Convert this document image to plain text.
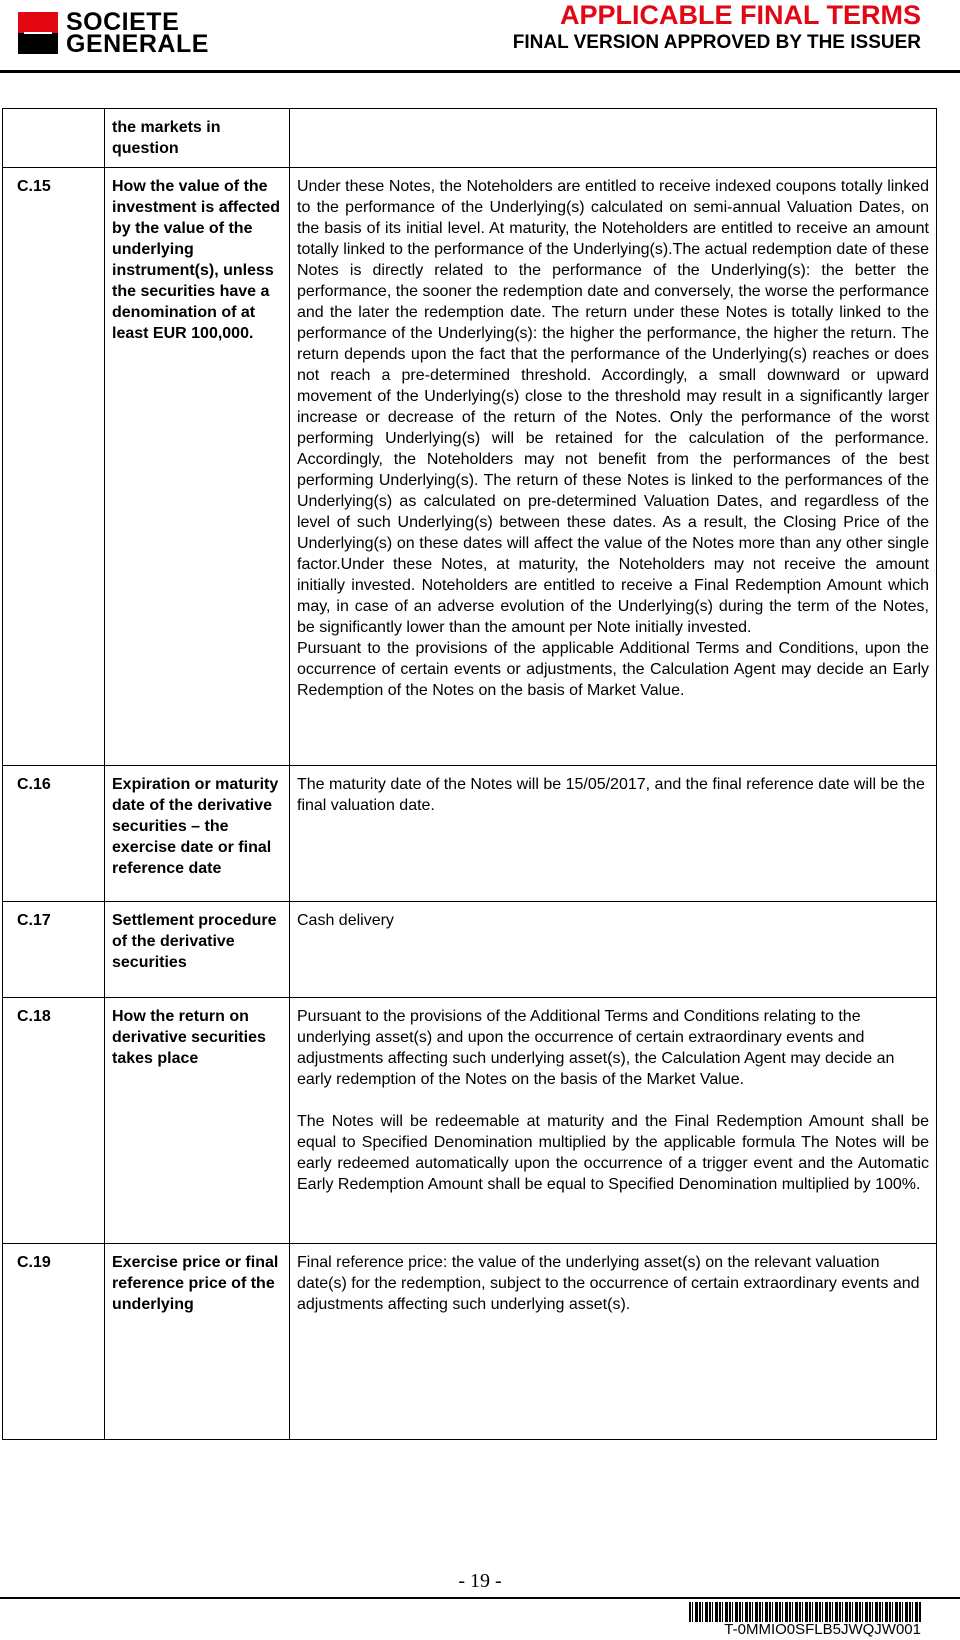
SOCIETE
GENERALE
APPLICABLE FINAL TERMS
FINAL VERSION APPROVED BY THE ISSUER
	the markets in question	

C.15	How the value of the investment is affected by the value of the underlying instrument(s), unless the securities have a denomination of at least EUR 100,000.	Under these Notes, the Noteholders are entitled to receive indexed coupons totally linked to the performance of the Underlying(s) calculated on semi-annual Valuation Dates, on the basis of its initial level. At maturity, the Noteholders are entitled to receive an amount totally linked to the performance of the Underlying(s).The actual redemption date of these Notes is directly related to the performance of the Underlying(s): the better the performance, the sooner the redemption date and conversely, the worse the performance and the later the redemption date. The return under these Notes is totally linked to the performance of the Underlying(s): the higher the performance, the higher the return. The return depends upon the fact that the performance of the Underlying(s) reaches or does not reach a pre-determined threshold. Accordingly, a small downward or upward movement of the Underlying(s) close to the threshold may result in a significantly larger increase or decrease of the return of the Notes. Only the performance of the worst performing Underlying(s) will be retained for the calculation of the performance. Accordingly, the Noteholders may not benefit from the performances of the best performing Underlying(s). The return of these Notes is linked to the performances of the Underlying(s) as calculated on pre-determined Valuation Dates, and regardless of the level of such Underlying(s) between these dates. As a result, the Closing Price of the Underlying(s) on these dates will affect the value of the Notes more than any other single factor.Under these Notes, at maturity, the Noteholders may not receive the amount initially invested. Noteholders are entitled to receive a Final Redemption Amount which may, in case of an adverse evolution of the Underlying(s) during the term of the Notes, be significantly lower than the amount per Note initially invested.

Pursuant to the provisions of the applicable Additional Terms and Conditions, upon the occurrence of certain events or adjustments, the Calculation Agent may decide an Early Redemption of the Notes on the basis of Market Value.

C.16	Expiration or maturity date of the derivative securities – the exercise date or final reference date	The maturity date of the Notes will be 15/05/2017, and the final reference date will be the final valuation date.

C.17	Settlement procedure of the derivative securities	Cash delivery

C.18	How the return on derivative securities takes place	Pursuant to the provisions of the Additional Terms and Conditions relating to the underlying asset(s) and upon the occurrence of certain extraordinary events and adjustments affecting such underlying asset(s), the Calculation Agent may decide an early redemption of the Notes on the basis of the Market Value.

The Notes will be redeemable at maturity and the Final Redemption Amount shall be equal to Specified Denomination multiplied by the applicable formula The Notes will be early redeemed automatically upon the occurrence of a trigger event and the Automatic Early Redemption Amount shall be equal to Specified Denomination multiplied by 100%.

C.19	Exercise price or final reference price of the underlying	Final reference price: the value of the underlying asset(s) on the relevant valuation date(s) for the redemption, subject to the occurrence of certain extraordinary events and adjustments affecting such underlying asset(s).

- 19 -
T-0MMIO0SFLB5JWQJW001
